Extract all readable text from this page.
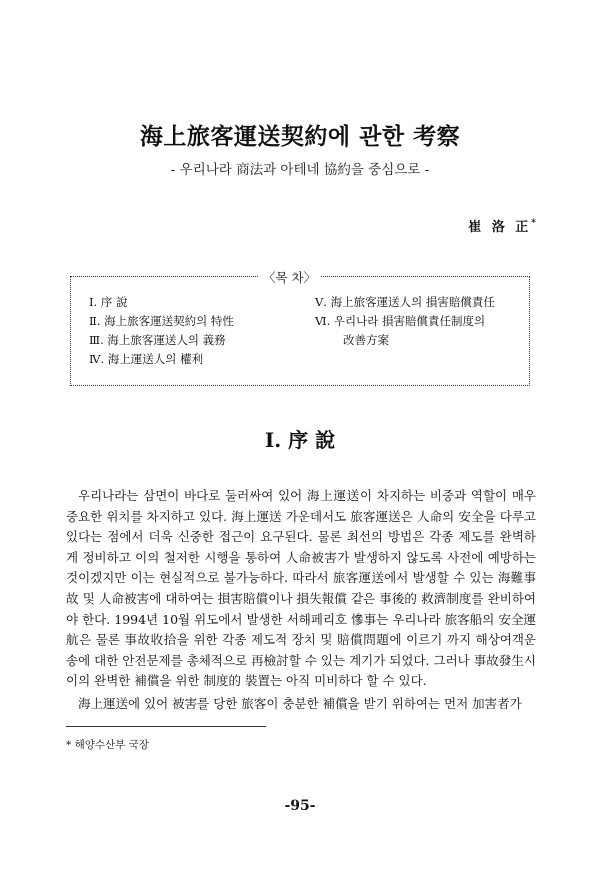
海上旅客運送契約에 관한 考察
- 우리나라 商法과 아테네 協約을 중심으로 -
崔 洛 正*
〈목 차〉
Ⅰ. 序 說
Ⅱ. 海上旅客運送契約의 特性
Ⅲ. 海上旅客運送人의 義務
Ⅳ. 海上運送人의 權利
Ⅴ. 海上旅客運送人의 損害賠償責任
Ⅵ. 우리나라 損害賠償責任制度의
改善方案
Ⅰ. 序 說

우리나라는 삼면이 바다로 둘러싸여 있어 海上運送이 차지하는 비중과 역할이 매우 중요한 위치를 차지하고 있다. 海上運送 가운데서도 旅客運送은 人命의 安全을 다루고 있다는 점에서 더욱 신중한 접근이 요구된다. 물론 최선의 방법은 각종 제도를 완벽하게 정비하고 이의 철저한 시행을 통하여 人命被害가 발생하지 않도록 사전에 예방하는 것이겠지만 이는 현실적으로 불가능하다. 따라서 旅客運送에서 발생할 수 있는 海難事故 및 人命被害에 대하여는 損害賠償이나 損失報償 같은 事後的 救濟制度를 완비하여야 한다. 1994년 10월 위도에서 발생한 서해페리호 慘事는 우리나라 旅客船의 安全運航은 물론 事故收拾을 위한 각종 제도적 장치 및 賠償問題에 이르기 까지 해상여객운송에 대한 안전문제를 총체적으로 再檢討할 수 있는 계기가 되었다. 그러나 事故發生시 이의 완벽한 補償을 위한 制度的 裝置는 아직 미비하다 할 수 있다.

海上運送에 있어 被害를 당한 旅客이 충분한 補償을 받기 위하여는 먼저 加害者가
* 해양수산부 국장
-95-
